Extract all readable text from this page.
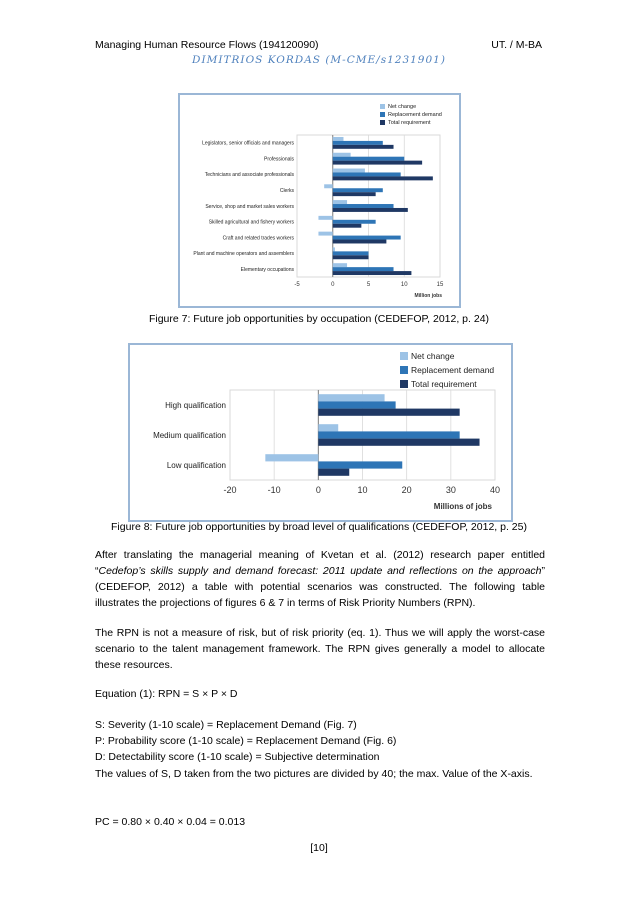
Managing Human Resource Flows (194120090)	UT. / M-BA
DIMITRIOS KORDAS (M-CME/s1231901)
-5	0	5	10	15
Million jobs
Legislators, senior officials and managers
Professionals
Technicians and associate professionals
Clerks
Service, shop and market sales workers
Skilled agricultural and fishery workers
Craft and related trades workers
Plant and machine operators and assemblers
Elementary occupations
Net change
Replacement demand
Total requirement
Figure 7: Future job opportunities by occupation (CEDEFOP, 2012, p. 24)
-20	-10	0	10	20	30	40
Millions of jobs
High qualification
Medium qualification
Low qualification
Net change
Replacement demand
Total requirement
Figure 8: Future job opportunities by broad level of qualifications (CEDEFOP, 2012, p. 25)
After translating the managerial meaning of Kvetan et al. (2012) research paper entitled “Cedefop’s skills supply and demand forecast: 2011 update and reflections on the approach” (CEDEFOP, 2012) a table with potential scenarios was constructed. The following table illustrates the projections of figures 6 & 7 in terms of Risk Priority Numbers (RPN).
The RPN is not a measure of risk, but of risk priority (eq. 1). Thus we will apply the worst-case scenario to the talent management framework. The RPN gives generally a model to allocate these resources.
Equation (1): RPN = S × P × D
S: Severity (1-10 scale) = Replacement Demand (Fig. 7)
P: Probability score (1-10 scale) = Replacement Demand (Fig. 6)
D: Detectability score (1-10 scale) = Subjective determination
The values of S, D taken from the two pictures are divided by 40; the max. Value of the X-axis.
PC = 0.80 × 0.40 × 0.04 = 0.013
[10]
